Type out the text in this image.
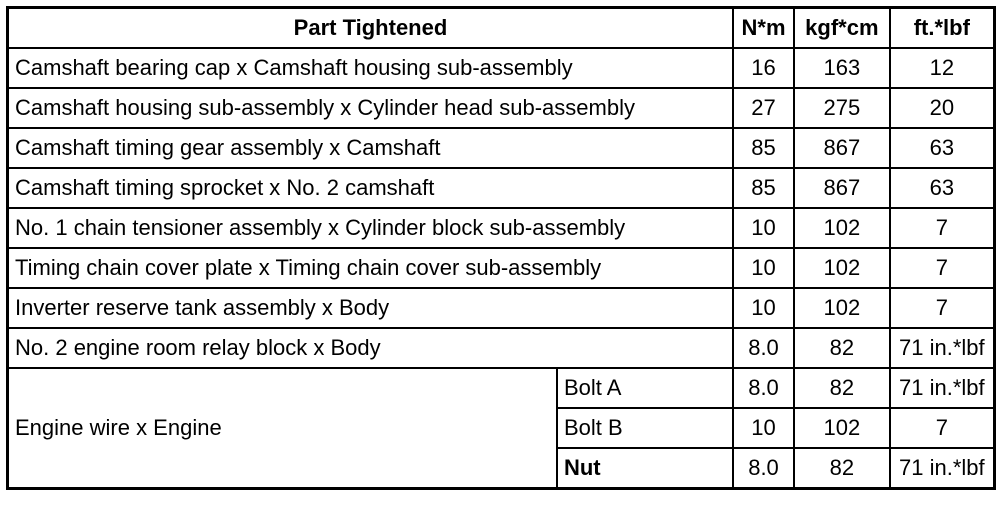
Part Tightened		N*m	kgf*cm	ft.*lbf
Camshaft bearing cap x Camshaft housing sub-assembly		16	163	12
Camshaft housing sub-assembly x Cylinder head sub-assembly		27	275	20
Camshaft timing gear assembly x Camshaft		85	867	63
Camshaft timing sprocket x No. 2 camshaft		85	867	63
No. 1 chain tensioner assembly x Cylinder block sub-assembly		10	102	7
Timing chain cover plate x Timing chain cover sub-assembly		10	102	7
Inverter reserve tank assembly x Body		10	102	7
No. 2 engine room relay block x Body		8.0	82	71 in.*lbf
Engine wire x Engine	Bolt A	8.0	82	71 in.*lbf
	Bolt B	10	102	7
	Nut	8.0	82	71 in.*lbf
